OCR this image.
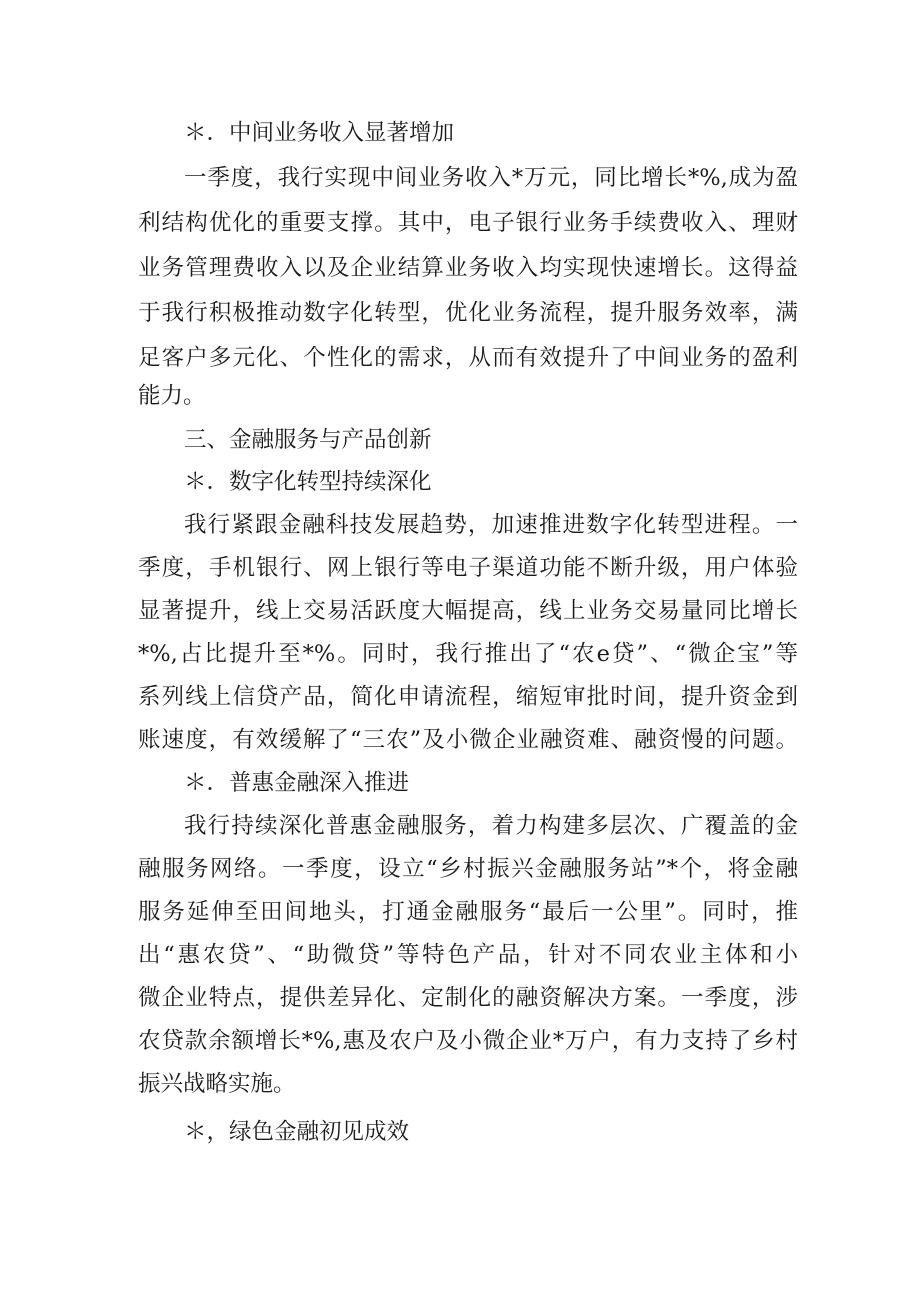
＊．中间业务收入显著增加
一季度，我行实现中间业务收入*万元，同比增长*%,成为盈
利结构优化的重要支撑。其中，电子银行业务手续费收入、理财
业务管理费收入以及企业结算业务收入均实现快速增长。这得益
于我行积极推动数字化转型，优化业务流程，提升服务效率，满
足客户多元化、个性化的需求，从而有效提升了中间业务的盈利
能力。
三、金融服务与产品创新
＊．数字化转型持续深化
我行紧跟金融科技发展趋势，加速推进数字化转型进程。一
季度，手机银行、网上银行等电子渠道功能不断升级，用户体验
显著提升，线上交易活跃度大幅提高，线上业务交易量同比增长
*%,占比提升至*%。同时，我行推出了“农e贷”、“微企宝”等
系列线上信贷产品，简化申请流程，缩短审批时间，提升资金到
账速度，有效缓解了“三农”及小微企业融资难、融资慢的问题。
＊．普惠金融深入推进
我行持续深化普惠金融服务，着力构建多层次、广覆盖的金
融服务网络。一季度，设立“乡村振兴金融服务站”*个，将金融
服务延伸至田间地头，打通金融服务“最后一公里”。同时，推
出“惠农贷”、“助微贷”等特色产品，针对不同农业主体和小
微企业特点，提供差异化、定制化的融资解决方案。一季度，涉
农贷款余额增长*%,惠及农户及小微企业*万户，有力支持了乡村
振兴战略实施。
＊，绿色金融初见成效
